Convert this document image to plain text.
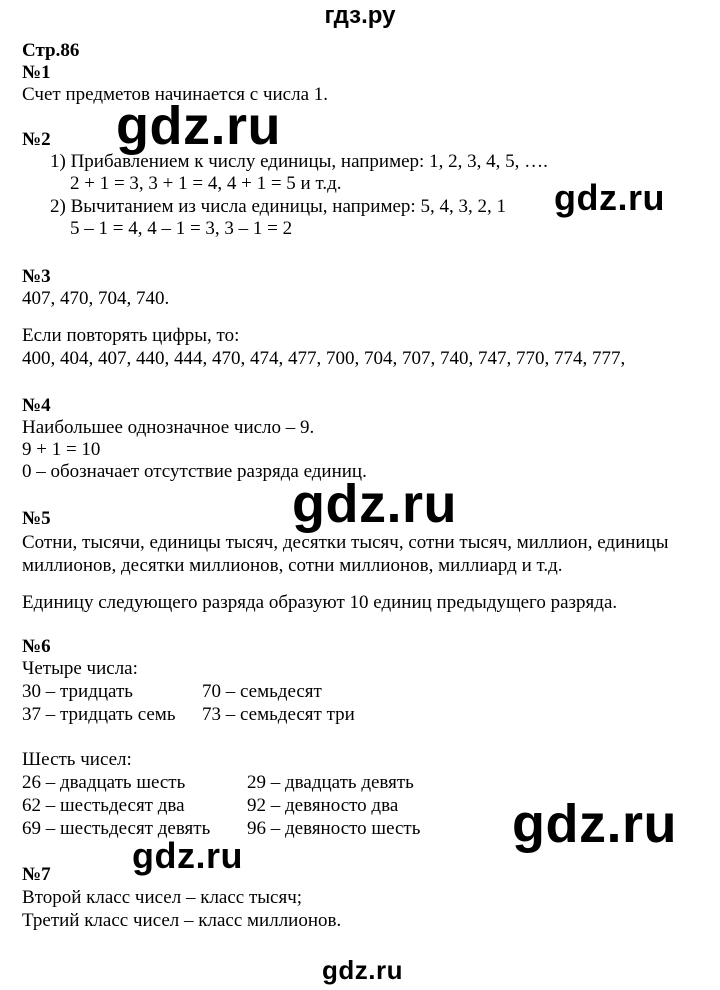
гдз.ру
gdz.ru
gdz.ru
gdz.ru
gdz.ru
gdz.ru
gdz.ru

Стр.86

№1

Счет предметов начинается с числа 1.

№2

1) Прибавлением к числу единицы, например: 1, 2, 3, 4, 5, ….

2 + 1 = 3, 3 + 1 = 4, 4 + 1 = 5 и т.д.

2) Вычитанием из числа единицы, например: 5, 4, 3, 2, 1

5 – 1 = 4, 4 – 1 = 3, 3 – 1 = 2

№3

407, 470, 704, 740.

Если повторять цифры, то:

400, 404, 407, 440, 444, 470, 474, 477, 700, 704, 707, 740, 747, 770, 774, 777,

№4

Наибольшее однозначное число – 9.

9 + 1 = 10

0 – обозначает отсутствие разряда единиц.

№5

Сотни, тысячи, единицы тысяч, десятки тысяч, сотни тысяч, миллион, единицы

миллионов, десятки миллионов, сотни миллионов, миллиард и т.д.

Единицу следующего разряда образуют 10 единиц предыдущего разряда.

№6

Четыре числа:

30 – тридцать	70 – семьдесят

37 – тридцать семь 73 – семьдесят три

Шесть чисел:

26 – двадцать шесть	29 – двадцать девять

62 – шестьдесят два	92 – девяносто два

69 – шестьдесят девять 96 – девяносто шесть

№7

Второй класс чисел – класс тысяч;

Третий класс чисел – класс миллионов.
